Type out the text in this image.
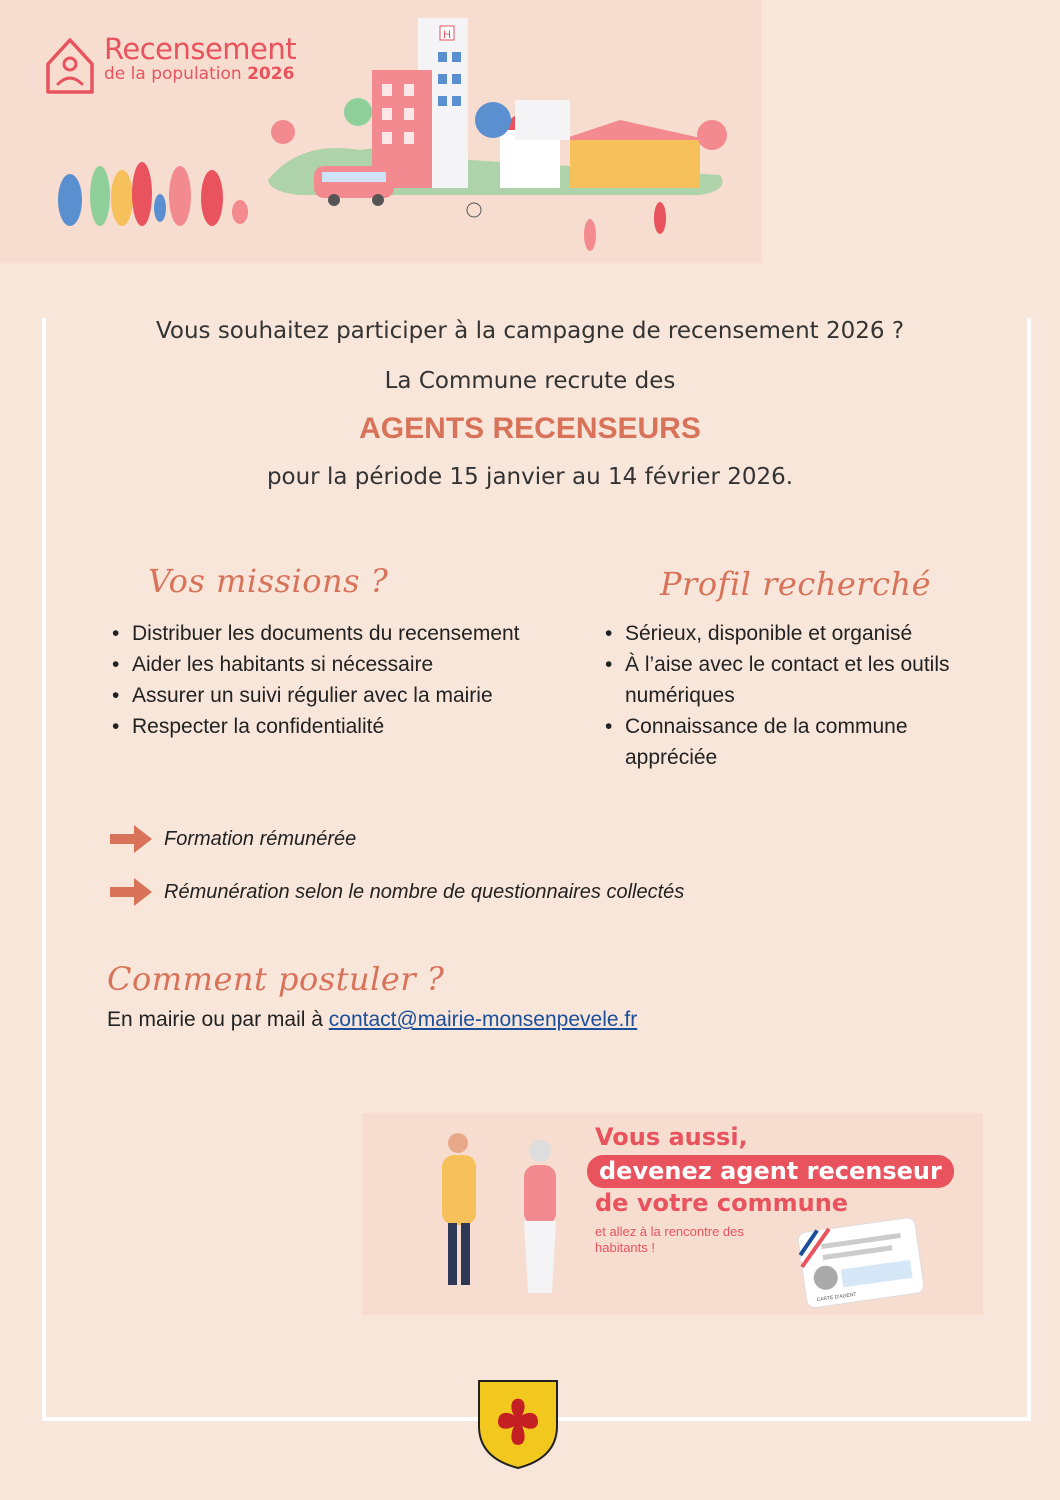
H
Recensement
de la population 2026
Vous souhaitez participer à la campagne de recensement 2026 ?
La Commune recrute des
AGENTS RECENSEURS
pour la période 15 janvier au 14 février 2026.
Vos missions ?
• Distribuer les documents du recensement
• Aider les habitants si nécessaire
• Assurer un suivi régulier avec la mairie
• Respecter la confidentialité
Profil recherché
• Sérieux, disponible et organisé
• À l’aise avec le contact et les outils numériques
• Connaissance de la commune appréciée
Formation rémunérée
Rémunération selon le nombre de questionnaires collectés
Comment postuler ?
En mairie ou par mail à contact@mairie-monsenpevele.fr
Vous aussi,
devenez agent recenseur
de votre commune
et allez à la rencontre des habitants !
CARTE D'AGENT
